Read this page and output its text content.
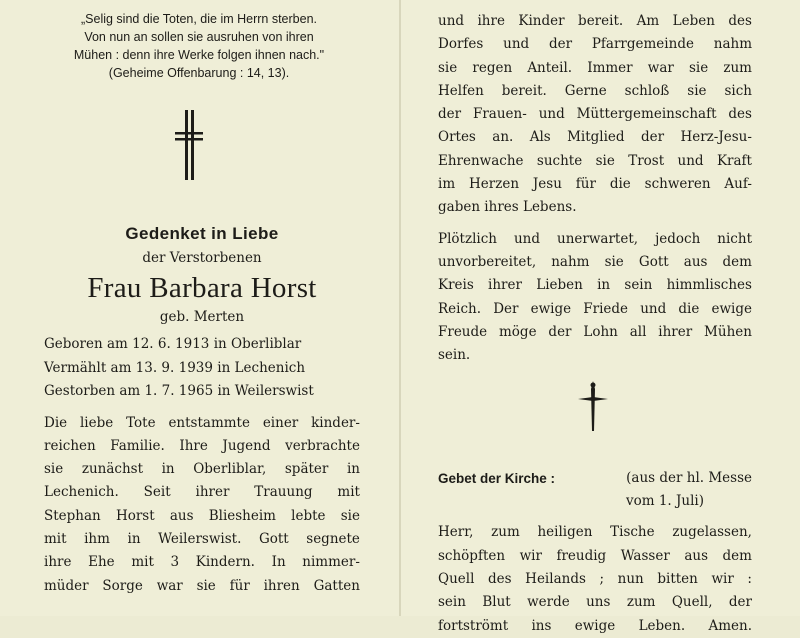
„Selig sind die Toten, die im Herrn sterben.
Von nun an sollen sie ausruhen von ihren
Mühen : denn ihre Werke folgen ihnen nach."
(Geheime Offenbarung : 14, 13).
Gedenket in Liebe
der Verstorbenen
Frau Barbara Horst
geb. Merten
Geboren am 12. 6. 1913 in Oberliblar
Vermählt am 13. 9. 1939 in Lechenich
Gestorben am 1. 7. 1965 in Weilerswist
Die liebe Tote entstammte einer kinder-
reichen Familie. Ihre Jugend verbrachte
sie zunächst in Oberliblar, später in
Lechenich. Seit ihrer Trauung mit
Stephan Horst aus Bliesheim lebte sie
mit ihm in Weilerswist. Gott segnete
ihre Ehe mit 3 Kindern. In nimmer-
müder Sorge war sie für ihren Gatten
und ihre Kinder bereit. Am Leben des
Dorfes und der Pfarrgemeinde nahm
sie regen Anteil. Immer war sie zum
Helfen bereit. Gerne schloß sie sich
der Frauen- und Müttergemeinschaft des
Ortes an. Als Mitglied der Herz-Jesu-
Ehrenwache suchte sie Trost und Kraft
im Herzen Jesu für die schweren Auf-
gaben ihres Lebens.
Plötzlich und unerwartet, jedoch nicht
unvorbereitet, nahm sie Gott aus dem
Kreis ihrer Lieben in sein himmlisches
Reich. Der ewige Friede und die ewige
Freude möge der Lohn all ihrer Mühen
sein.
Gebet der Kirche :	(aus der hl. Messe
vom 1. Juli)
Herr, zum heiligen Tische zugelassen,
schöpften wir freudig Wasser aus dem
Quell des Heilands ; nun bitten wir :
sein Blut werde uns zum Quell, der
fortströmt ins ewige Leben. Amen.
